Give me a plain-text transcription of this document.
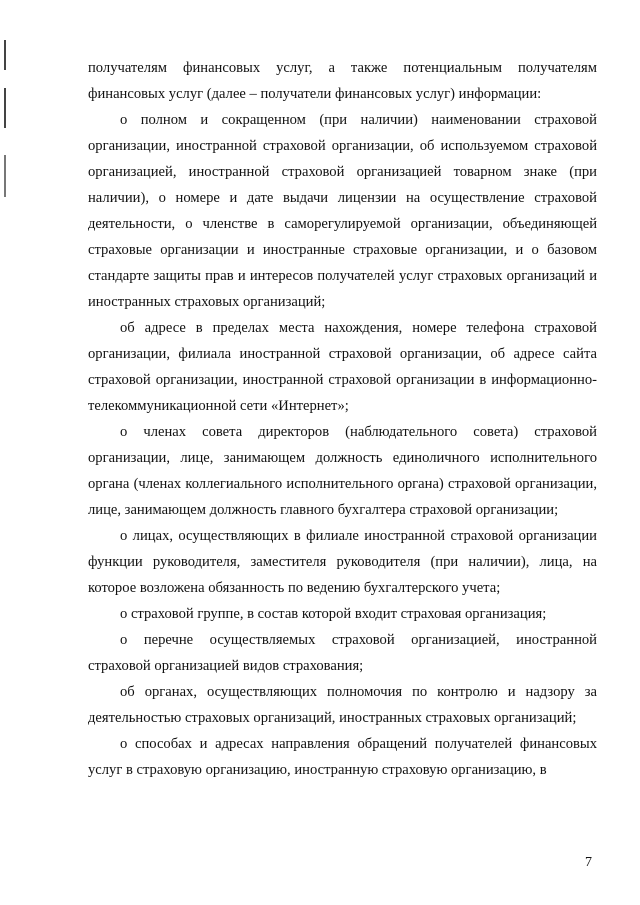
получателям финансовых услуг, а также потенциальным получателям финансовых услуг (далее – получатели финансовых услуг) информации:

о полном и сокращенном (при наличии) наименовании страховой организации, иностранной страховой организации, об используемом страховой организацией, иностранной страховой организацией товарном знаке (при наличии), о номере и дате выдачи лицензии на осуществление страховой деятельности, о членстве в саморегулируемой организации, объединяющей страховые организации и иностранные страховые организации, и о базовом стандарте защиты прав и интересов получателей услуг страховых организаций и иностранных страховых организаций;

об адресе в пределах места нахождения, номере телефона страховой организации, филиала иностранной страховой организации, об адресе сайта страховой организации, иностранной страховой организации в информационно-телекоммуникационной сети «Интернет»;

о членах совета директоров (наблюдательного совета) страховой организации, лице, занимающем должность единоличного исполнительного органа (членах коллегиального исполнительного органа) страховой организации, лице, занимающем должность главного бухгалтера страховой организации;

о лицах, осуществляющих в филиале иностранной страховой организации функции руководителя, заместителя руководителя (при наличии), лица, на которое возложена обязанность по ведению бухгалтерского учета;

о страховой группе, в состав которой входит страховая организация;

о перечне осуществляемых страховой организацией, иностранной страховой организацией видов страхования;

об органах, осуществляющих полномочия по контролю и надзору за деятельностью страховых организаций, иностранных страховых организаций;

о способах и адресах направления обращений получателей финансовых услуг в страховую организацию, иностранную страховую организацию, в

7
